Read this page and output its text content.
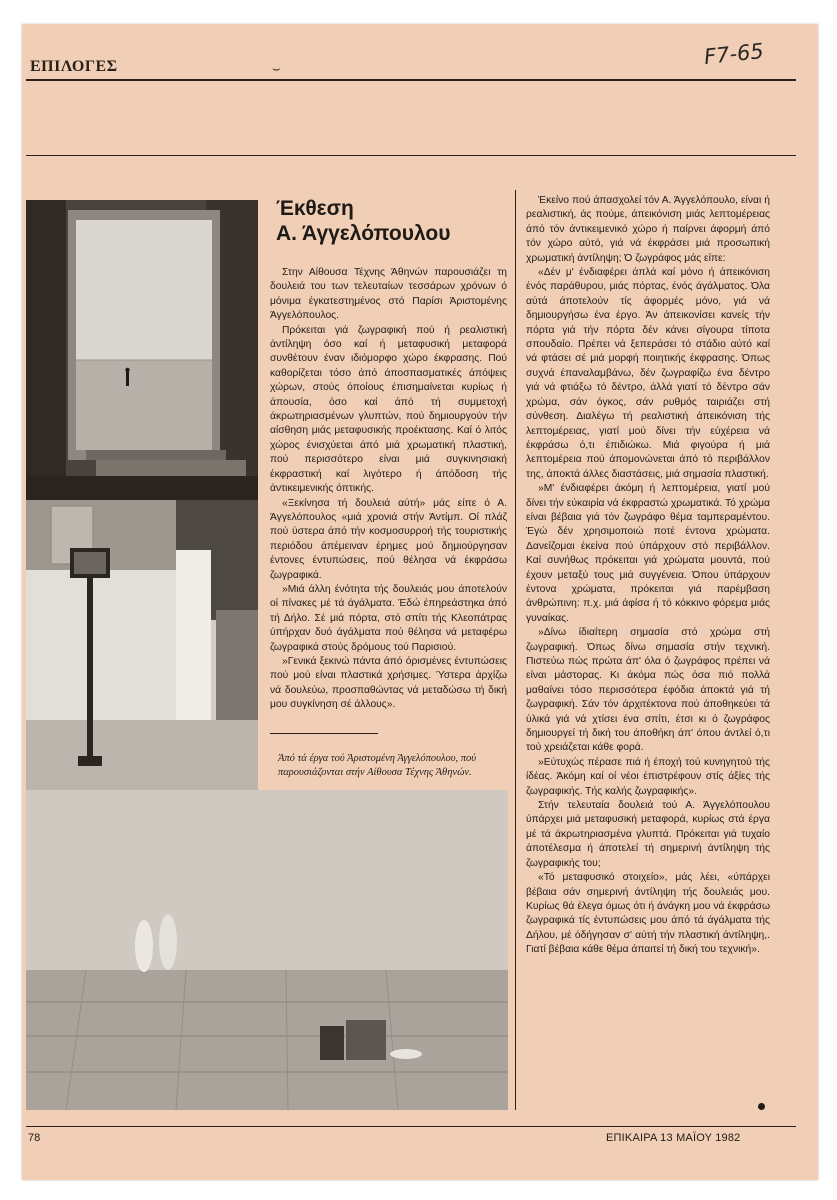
ΕΠΙΛΟΓΕΣ	⌣
F7-65
Έκθεση
Α. Άγγελόπουλου

Στην Αίθουσα Τέχνης Άθηνών παρουσιάζει τη δουλειά του των τελευταίων τεσσάρων χρόνων ό μόνιμα έγκατεστημένος στό Παρίσι Άριστομένης Άγγελόπουλος.

Πρόκειται γιά ζωγραφική πού ή ρεαλιστική άντίληψη όσο καί ή μεταφυσική μεταφορά συνθέτουν έναν ιδιόμορφο χώρο έκφρασης. Πού καθορίζεται τόσο άπό άποσπασματικές άπόψεις χώρων, στούς όποίους έπισημαίνεται κυρίως ή άπουσία, όσο καί άπό τή συμμετοχή άκρωτηριασμένων γλυπτών, πού δημιουργούν τήν αίσθηση μιάς μεταφυσικής προέκτασης. Καί ό λιτός χώρος ένισχύεται άπό μιά χρωματική πλαστική, πού περισσότερο είναι μιά συγκινησιακή έκφραστική καί λιγότερο ή άπόδοση τής άντικειμενικής όπτικής.

«Ξεκίνησα τή δουλειά αύτή» μάς είπε ό Α. Άγγελόπουλος «μιά χρονιά στήν Άντίμπ. Οί πλάζ πού ύστερα άπό τήν κοσμοσυρροή τής τουριστικής περιόδου άπέμειναν έρημες μού δημιούργησαν έντονες έντυπώσεις, πού θέλησα νά έκφράσω ζωγραφικά.

»Μιά άλλη ένότητα τής δουλειάς μου άποτελούν οί πίνακες μέ τά άγάλματα. Έδώ έπηρεάστηκα άπό τή Δήλο. Σέ μιά πόρτα, στό σπίτι τής Κλεοπάτρας ύπήρχαν δυό άγάλματα πού θέλησα νά μεταφέρω ζωγραφικά στούς δρόμους τού Παρισιού.

»Γενικά ξεκινώ πάντα άπό όρισμένες έντυπώσεις πού μού είναι πλαστικά χρήσιμες. Ύστερα άρχίζω νά δουλεύω, προσπαθώντας νά μεταδώσω τή δική μου συγκίνηση σέ άλλους».

Έκείνο πού άπασχολεί τόν Α. Άγγελόπουλο, είναι ή ρεαλιστική, άς πούμε, άπεικόνιση μιάς λεπτομέρειας άπό τόν άντικειμενικό χώρο ή παίρνει άφορμή άπό τόν χώρο αύτό, γιά νά έκφράσει μιά προσωπική χρωματική άντίληψη; Ό ζωγράφος μάς είπε:

«Δέν μ' ένδιαφέρει άπλά καί μόνο ή άπεικόνιση ένός παράθυρου, μιάς πόρτας, ένός άγάλματος. Όλα αύτά άποτελούν τίς άφορμές μόνο, γιά νά δημιουργήσω ένα έργο. Άν άπεικονίσει κανείς τήν πόρτα γιά τήν πόρτα δέν κάνει σίγουρα τίποτα σπουδαίο. Πρέπει νά ξεπεράσει τό στάδιο αύτό καί νά φτάσει σέ μιά μορφή ποιητικής έκφρασης. Όπως συχνά έπαναλαμβάνω, δέν ζωγραφίζω ένα δέντρο γιά νά φτιάξω τό δέντρο, άλλά γιατί τό δέντρο σάν χρώμα, σάν όγκος, σάν ρυθμός ταιριάζει στή σύνθεση. Διαλέγω τή ρεαλιστική άπεικόνιση τής λεπτομέρειας, γιατί μού δίνει τήν εύχέρεια νά έκφράσω ό,τι έπιδιώκω. Μιά φιγούρα ή μιά λεπτομέρεια πού άπομονώνεται άπό τό περιβάλλον της, άποκτά άλλες διαστάσεις, μιά σημασία πλαστική.

»Μ' ένδιαφέρει άκόμη ή λεπτομέρεια, γιατί μού δίνει τήν εύκαιρία νά έκφραστώ χρωματικά. Τό χρώμα είναι βέβαια γιά τόν ζωγράφο θέμα ταμπεραμέντου. Έγώ δέν χρησιμοποιώ ποτέ έντονα χρώματα. Δανείζομαι έκείνα πού ύπάρχουν στό περιβάλλον. Καί συνήθως πρόκειται γιά χρώματα μουντά, πού έχουν μεταξύ τους μιά συγγένεια. Όπου ύπάρχουν έντονα χρώματα, πρόκειται γιά παρέμβαση άνθρώπινη: π.χ. μιά άφίσα ή τό κόκκινο φόρεμα μιάς γυναίκας.

»Δίνω ίδιαίτερη σημασία στό χρώμα στή ζωγραφική. Όπως δίνω σημασία στήν τεχνική. Πιστεύω πώς πρώτα άπ' όλα ό ζωγράφος πρέπει νά είναι μάστορας. Κι άκόμα πώς όσα πιό πολλά μαθαίνει τόσο περισσότερα έφόδια άποκτά γιά τή ζωγραφική. Σάν τόν άρχιτέκτονα πού άποθηκεύει τά ύλικά γιά νά χτίσει ένα σπίτι, έτσι κι ό ζωγράφος δημιουργεί τή δική του άποθήκη άπ' όπου άντλεί ό,τι τού χρειάζεται κάθε φορά.

»Εύτυχώς πέρασε πιά ή έποχή τού κυνηγητού τής ίδέας. Άκόμη καί οί νέοι έπιστρέφουν στίς άξίες τής ζωγραφικής. Τής καλής ζωγραφικής».

Στήν τελευταία δουλειά τού Α. Άγγελόπουλου ύπάρχει μιά μεταφυσική μεταφορά, κυρίως στά έργα μέ τά άκρωτηριασμένα γλυπτά. Πρόκειται γιά τυχαίο άποτέλεσμα ή άποτελεί τή σημερινή άντίληψη τής ζωγραφικής του;

«Τό μεταφυσικό στοιχείο», μάς λέει, «ύπάρχει βέβαια σάν σημερινή άντίληψη τής δουλειάς μου. Κυρίως θά έλεγα όμως ότι ή άνάγκη μου νά έκφράσω ζωγραφικά τίς έντυπώσεις μου άπό τά άγάλματα τής Δήλου, μέ όδήγησαν σ' αύτή τήν πλαστική άντίληψη,. Γιατί βέβαια κάθε θέμα άπαιτεί τή δική του τεχνική».

Άπό τά έργα τού Άριστομένη Άγγελόπουλου, πού παρουσιάζονται στήν Αίθουσα Τέχνης Άθηνών.
78	ΕΠΙΚΑΙΡΑ 13 ΜΑΪΟΥ 1982
